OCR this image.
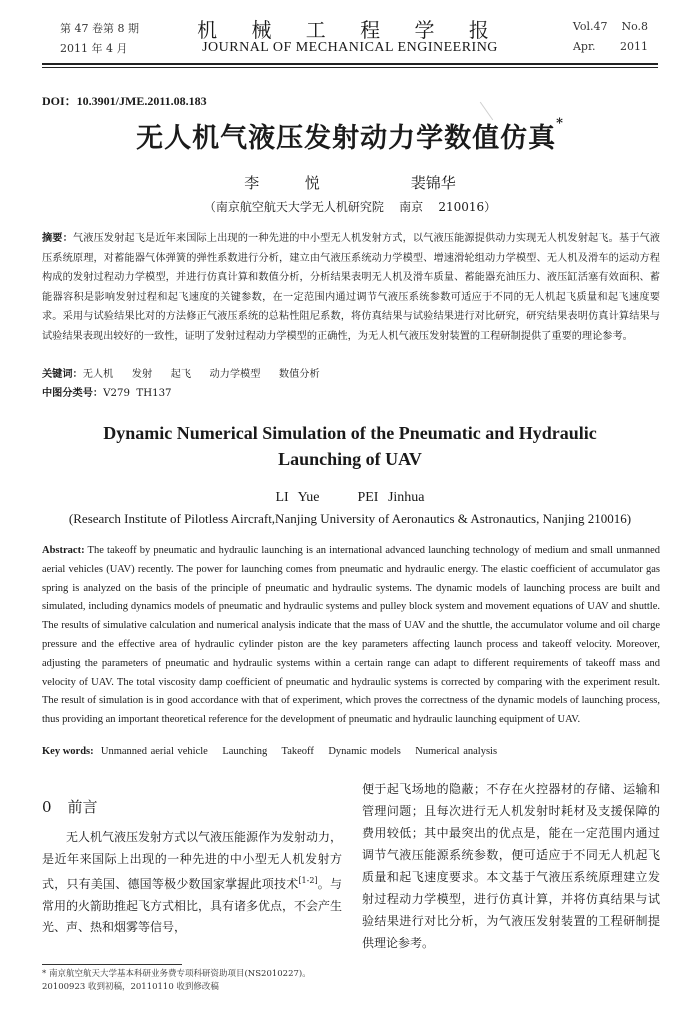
第 47 卷第 8 期
2011 年 4 月
机 械 工 程 学 报
JOURNAL OF MECHANICAL ENGINEERING
Vol.47    No.8
Apr.       2011
DOI：10.3901/JME.2011.08.183
无人机气液压发射动力学数值仿真*
李  悦    裴锦华
（南京航空航天大学无人机研究院    南京    210016）
摘要：气液压发射起飞是近年来国际上出现的一种先进的中小型无人机发射方式，以气液压能源提供动力实现无人机发射起飞。基于气液压系统原理，对蓄能器气体弹簧的弹性系数进行分析，建立由气液压系统动力学模型、增速滑轮组动力学模型、无人机及滑车的运动方程构成的发射过程动力学模型，并进行仿真计算和数值分析，分析结果表明无人机及滑车质量、蓄能器充油压力、液压缸活塞有效面积、蓄能器容积是影响发射过程和起飞速度的关键参数，在一定范围内通过调节气液压系统参数可适应于不同的无人机起飞质量和起飞速度要求。采用与试验结果比对的方法修正气液压系统的总粘性阻尼系数，将仿真结果与试验结果进行对比研究，研究结果表明仿真计算结果与试验结果表现出较好的一致性，证明了发射过程动力学模型的正确性，为无人机气液压发射装置的工程研制提供了重要的理论参考。
关键词：无人机  发射  起飞  动力学模型  数值分析
中图分类号：V279  TH137
Dynamic Numerical Simulation of the Pneumatic and Hydraulic Launching of UAV
LI Yue    PEI Jinhua
(Research Institute of Pilotless Aircraft,Nanjing University of Aeronautics & Astronautics, Nanjing 210016)
Abstract: The takeoff by pneumatic and hydraulic launching is an international advanced launching technology of medium and small unmanned aerial vehicles (UAV) recently. The power for launching comes from pneumatic and hydraulic energy. The elastic coefficient of accumulator gas spring is analyzed on the basis of the principle of pneumatic and hydraulic systems. The dynamic models of launching process are built and simulated, including dynamics models of pneumatic and hydraulic systems and pulley block system and movement equations of UAV and shuttle. The results of simulative calculation and numerical analysis indicate that the mass of UAV and the shuttle, the accumulator volume and oil charge pressure and the effective area of hydraulic cylinder piston are the key parameters affecting launch process and takeoff velocity. Moreover, adjusting the parameters of pneumatic and hydraulic systems within a certain range can adapt to different requirements of takeoff mass and velocity of UAV. The total viscosity damp coefficient of pneumatic and hydraulic systems is corrected by comparing with the experiment result. The result of simulation is in good accordance with that of experiment, which proves the correctness of the dynamic models of launching process, thus providing an important theoretical reference for the development of pneumatic and hydraulic launching equipment of UAV.
Key words:  Unmanned aerial vehicle    Launching    Takeoff    Dynamic models    Numerical analysis
0 前言

无人机气液压发射方式以气液压能源作为发射动力，是近年来国际上出现的一种先进的中小型无人机发射方式，只有美国、德国等极少数国家掌握此项技术[1-2]。与常用的火箭助推起飞方式相比，具有诸多优点，不会产生光、声、热和烟雾等信号，

便于起飞场地的隐蔽；不存在火控器材的存储、运输和管理问题；且每次进行无人机发射时耗材及支援保障的费用较低；其中最突出的优点是，能在一定范围内通过调节气液压能源系统参数，便可适应于不同无人机起飞质量和起飞速度要求。本文基于气液压系统原理建立发射过程动力学模型，进行仿真计算，并将仿真结果与试验结果进行对比分析，为气液压发射装置的工程研制提供理论参考。
* 南京航空航天大学基本科研业务费专项科研资助项目(NS2010227)。
20100923 收到初稿，20110110 收到修改稿
